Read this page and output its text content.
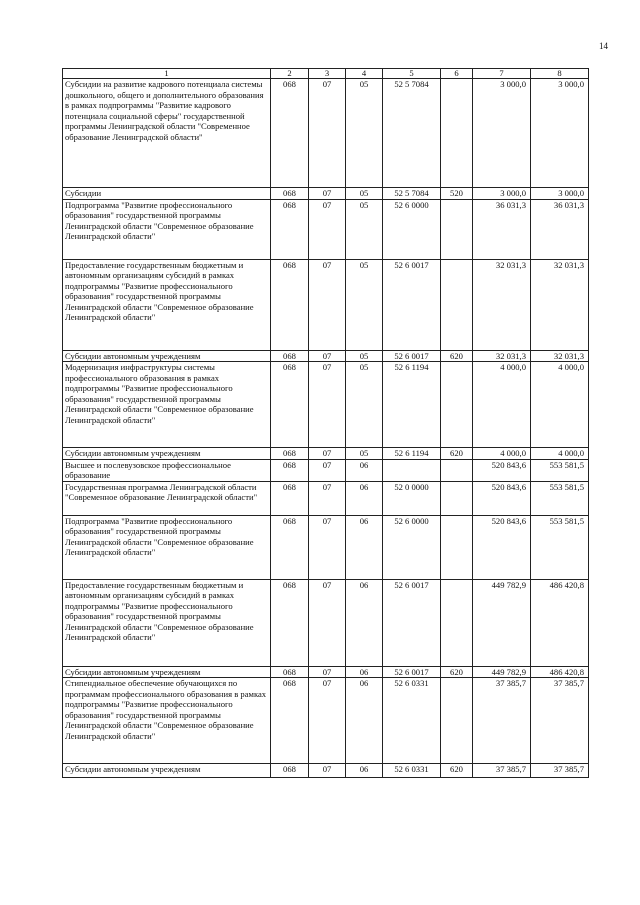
14
1	2	3	4	5	6	7	8
Субсидии на развитие кадрового потенциала системы дошкольного, общего и дополнительного образования в рамках подпрограммы "Развитие кадрового потенциала социальной сферы" государственной программы Ленинградской области "Современное образование Ленинградской области"	068	07	05	52 5 7084		3 000,0	3 000,0
Субсидии	068	07	05	52 5 7084	520	3 000,0	3 000,0
Подпрограмма "Развитие профессионального образования" государственной программы Ленинградской области "Современное образование Ленинградской области"	068	07	05	52 6 0000		36 031,3	36 031,3
Предоставление государственным бюджетным и автономным организациям субсидий в рамках подпрограммы "Развитие профессионального образования" государственной программы Ленинградской области "Современное образование Ленинградской области"	068	07	05	52 6 0017		32 031,3	32 031,3
Субсидии автономным учреждениям	068	07	05	52 6 0017	620	32 031,3	32 031,3
Модернизация инфраструктуры системы профессионального образования в рамках подпрограммы "Развитие профессионального образования" государственной программы Ленинградской области "Современное образование Ленинградской области"	068	07	05	52 6 1194		4 000,0	4 000,0
Субсидии автономным учреждениям	068	07	05	52 6 1194	620	4 000,0	4 000,0
Высшее и послевузовское профессиональное образование	068	07	06			520 843,6	553 581,5
Государственная программа Ленинградской области "Современное образование Ленинградской области"	068	07	06	52 0 0000		520 843,6	553 581,5
Подпрограмма "Развитие профессионального образования" государственной программы Ленинградской области "Современное образование Ленинградской области"	068	07	06	52 6 0000		520 843,6	553 581,5
Предоставление государственным бюджетным и автономным организациям субсидий в рамках подпрограммы "Развитие профессионального образования" государственной программы Ленинградской области "Современное образование Ленинградской области"	068	07	06	52 6 0017		449 782,9	486 420,8
Субсидии автономным учреждениям	068	07	06	52 6 0017	620	449 782,9	486 420,8
Стипендиальное обеспечение обучающихся по программам профессионального образования в рамках подпрограммы "Развитие профессионального образования" государственной программы Ленинградской области "Современное образование Ленинградской области"	068	07	06	52 6 0331		37 385,7	37 385,7
Субсидии автономным учреждениям	068	07	06	52 6 0331	620	37 385,7	37 385,7
